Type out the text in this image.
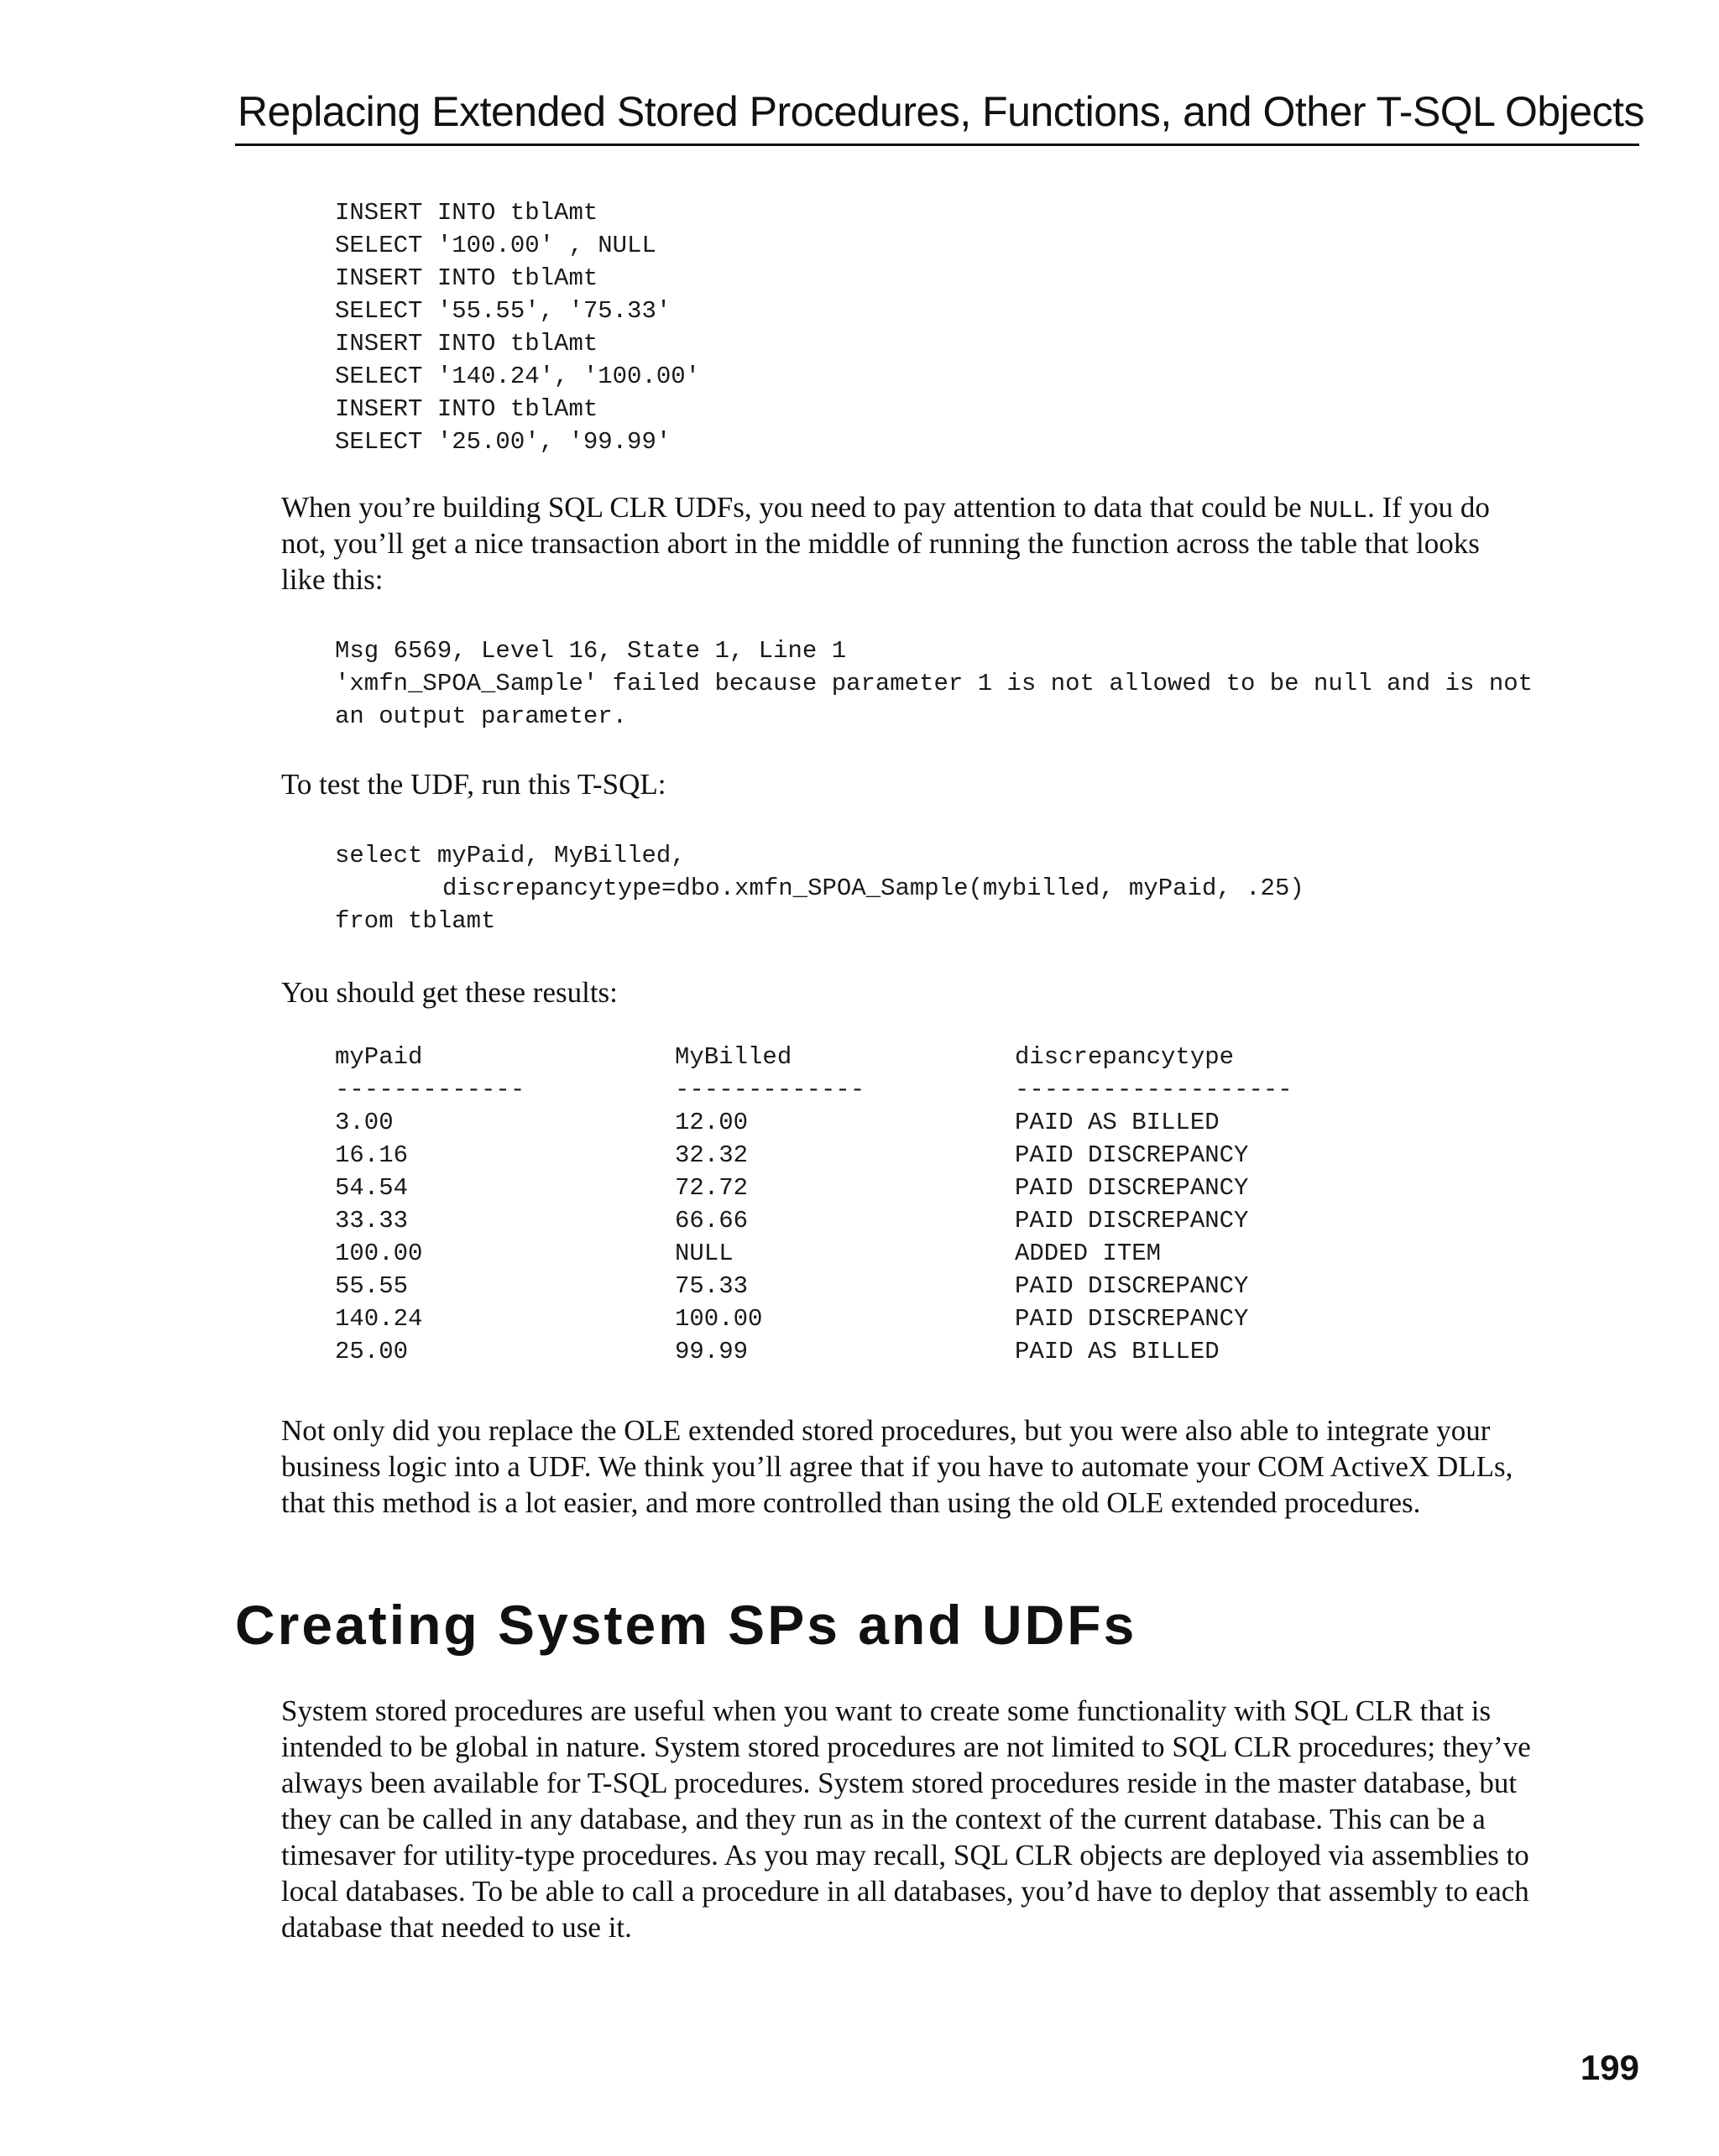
Replacing Extended Stored Procedures, Functions, and Other T-SQL Objects
INSERT INTO tblAmt
SELECT '100.00' , NULL
INSERT INTO tblAmt
SELECT '55.55', '75.33'
INSERT INTO tblAmt
SELECT '140.24', '100.00'
INSERT INTO tblAmt
SELECT '25.00', '99.99'

When you’re building SQL CLR UDFs, you need to pay attention to data that could be NULL. If you do
not, you’ll get a nice transaction abort in the middle of running the function across the table that looks
like this:

Msg 6569, Level 16, State 1, Line 1
'xmfn_SPOA_Sample' failed because parameter 1 is not allowed to be null and is not
an output parameter.

To test the UDF, run this T-SQL:

select myPaid, MyBilled,
discrepancytype=dbo.xmfn_SPOA_Sample(mybilled, myPaid, .25)
from tblamt

You should get these results:

myPaid	MyBilled	discrepancytype
-------------	-------------	-------------------
3.00	12.00	PAID AS BILLED
16.16	32.32	PAID DISCREPANCY
54.54	72.72	PAID DISCREPANCY
33.33	66.66	PAID DISCREPANCY
100.00	NULL	ADDED ITEM
55.55	75.33	PAID DISCREPANCY
140.24	100.00	PAID DISCREPANCY
25.00	99.99	PAID AS BILLED

Not only did you replace the OLE extended stored procedures, but you were also able to integrate your
business logic into a UDF. We think you’ll agree that if you have to automate your COM ActiveX DLLs,
that this method is a lot easier, and more controlled than using the old OLE extended procedures.

Creating System SPs and UDFs

System stored procedures are useful when you want to create some functionality with SQL CLR that is
intended to be global in nature. System stored procedures are not limited to SQL CLR procedures; they’ve
always been available for T-SQL procedures. System stored procedures reside in the master database, but
they can be called in any database, and they run as in the context of the current database. This can be a
timesaver for utility-type procedures. As you may recall, SQL CLR objects are deployed via assemblies to
local databases. To be able to call a procedure in all databases, you’d have to deploy that assembly to each
database that needed to use it.

199
